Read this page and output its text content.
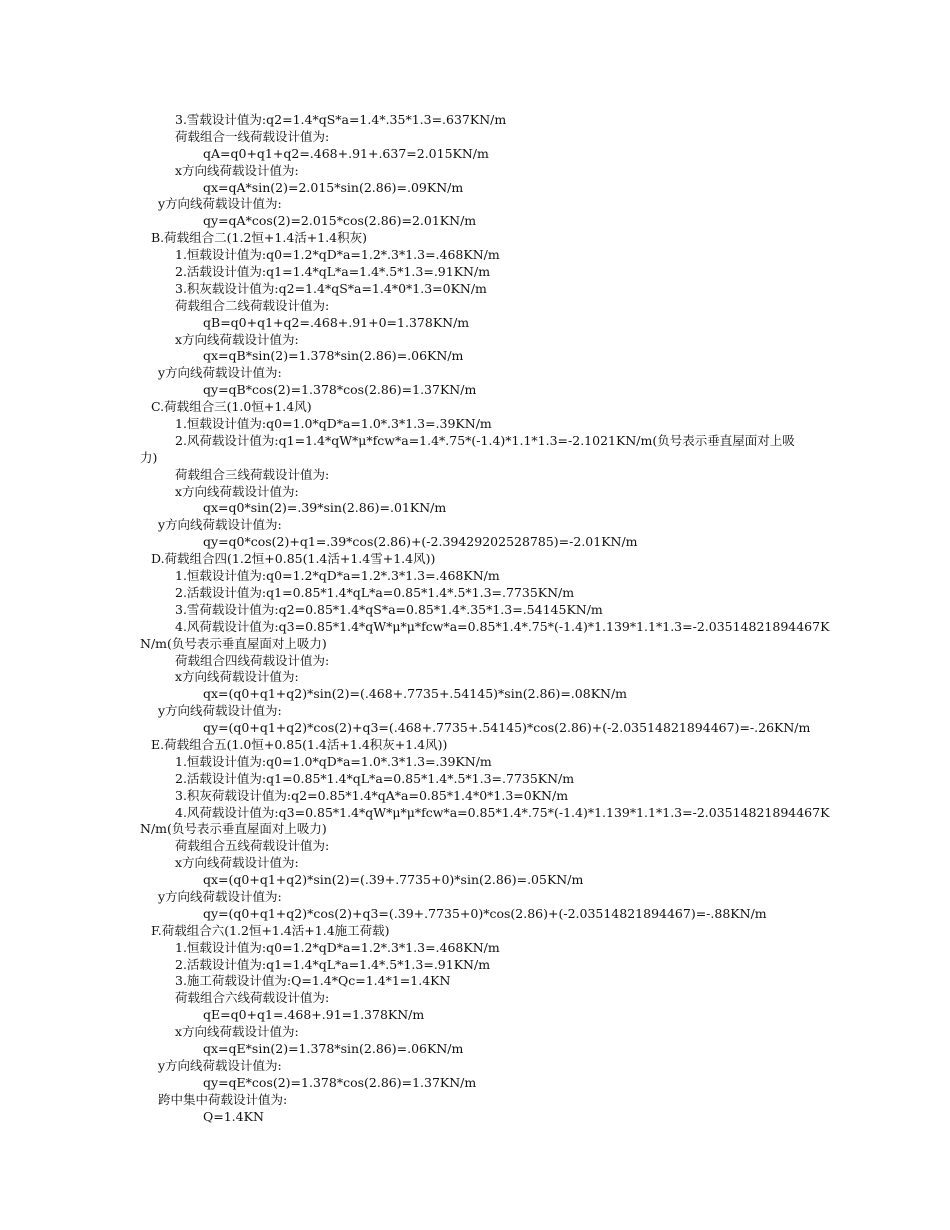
3.雪载设计值为:q2=1.4*qS*a=1.4*.35*1.3=.637KN/m
荷载组合一线荷载设计值为:
qA=q0+q1+q2=.468+.91+.637=2.015KN/m
x方向线荷载设计值为:
qx=qA*sin(2)=2.015*sin(2.86)=.09KN/m
y方向线荷载设计值为:
qy=qA*cos(2)=2.015*cos(2.86)=2.01KN/m
B.荷载组合二(1.2恒+1.4活+1.4积灰)
1.恒载设计值为:q0=1.2*qD*a=1.2*.3*1.3=.468KN/m
2.活载设计值为:q1=1.4*qL*a=1.4*.5*1.3=.91KN/m
3.积灰载设计值为:q2=1.4*qS*a=1.4*0*1.3=0KN/m
荷载组合二线荷载设计值为:
qB=q0+q1+q2=.468+.91+0=1.378KN/m
x方向线荷载设计值为:
qx=qB*sin(2)=1.378*sin(2.86)=.06KN/m
y方向线荷载设计值为:
qy=qB*cos(2)=1.378*cos(2.86)=1.37KN/m
C.荷载组合三(1.0恒+1.4风)
1.恒载设计值为:q0=1.0*qD*a=1.0*.3*1.3=.39KN/m
2.风荷载设计值为:q1=1.4*qW*μ*fcw*a=1.4*.75*(-1.4)*1.1*1.3=-2.1021KN/m(负号表示垂直屋面对上吸
力)
荷载组合三线荷载设计值为:
x方向线荷载设计值为:
qx=q0*sin(2)=.39*sin(2.86)=.01KN/m
y方向线荷载设计值为:
qy=q0*cos(2)+q1=.39*cos(2.86)+(-2.39429202528785)=-2.01KN/m
D.荷载组合四(1.2恒+0.85(1.4活+1.4雪+1.4风))
1.恒载设计值为:q0=1.2*qD*a=1.2*.3*1.3=.468KN/m
2.活载设计值为:q1=0.85*1.4*qL*a=0.85*1.4*.5*1.3=.7735KN/m
3.雪荷载设计值为:q2=0.85*1.4*qS*a=0.85*1.4*.35*1.3=.54145KN/m
4.风荷载设计值为:q3=0.85*1.4*qW*μ*μ*fcw*a=0.85*1.4*.75*(-1.4)*1.139*1.1*1.3=-2.03514821894467K
N/m(负号表示垂直屋面对上吸力)
荷载组合四线荷载设计值为:
x方向线荷载设计值为:
qx=(q0+q1+q2)*sin(2)=(.468+.7735+.54145)*sin(2.86)=.08KN/m
y方向线荷载设计值为:
qy=(q0+q1+q2)*cos(2)+q3=(.468+.7735+.54145)*cos(2.86)+(-2.03514821894467)=-.26KN/m
E.荷载组合五(1.0恒+0.85(1.4活+1.4积灰+1.4风))
1.恒载设计值为:q0=1.0*qD*a=1.0*.3*1.3=.39KN/m
2.活载设计值为:q1=0.85*1.4*qL*a=0.85*1.4*.5*1.3=.7735KN/m
3.积灰荷载设计值为:q2=0.85*1.4*qA*a=0.85*1.4*0*1.3=0KN/m
4.风荷载设计值为:q3=0.85*1.4*qW*μ*μ*fcw*a=0.85*1.4*.75*(-1.4)*1.139*1.1*1.3=-2.03514821894467K
N/m(负号表示垂直屋面对上吸力)
荷载组合五线荷载设计值为:
x方向线荷载设计值为:
qx=(q0+q1+q2)*sin(2)=(.39+.7735+0)*sin(2.86)=.05KN/m
y方向线荷载设计值为:
qy=(q0+q1+q2)*cos(2)+q3=(.39+.7735+0)*cos(2.86)+(-2.03514821894467)=-.88KN/m
F.荷载组合六(1.2恒+1.4活+1.4施工荷载)
1.恒载设计值为:q0=1.2*qD*a=1.2*.3*1.3=.468KN/m
2.活载设计值为:q1=1.4*qL*a=1.4*.5*1.3=.91KN/m
3.施工荷载设计值为:Q=1.4*Qc=1.4*1=1.4KN
荷载组合六线荷载设计值为:
qE=q0+q1=.468+.91=1.378KN/m
x方向线荷载设计值为:
qx=qE*sin(2)=1.378*sin(2.86)=.06KN/m
y方向线荷载设计值为:
qy=qE*cos(2)=1.378*cos(2.86)=1.37KN/m
跨中集中荷载设计值为:
Q=1.4KN
